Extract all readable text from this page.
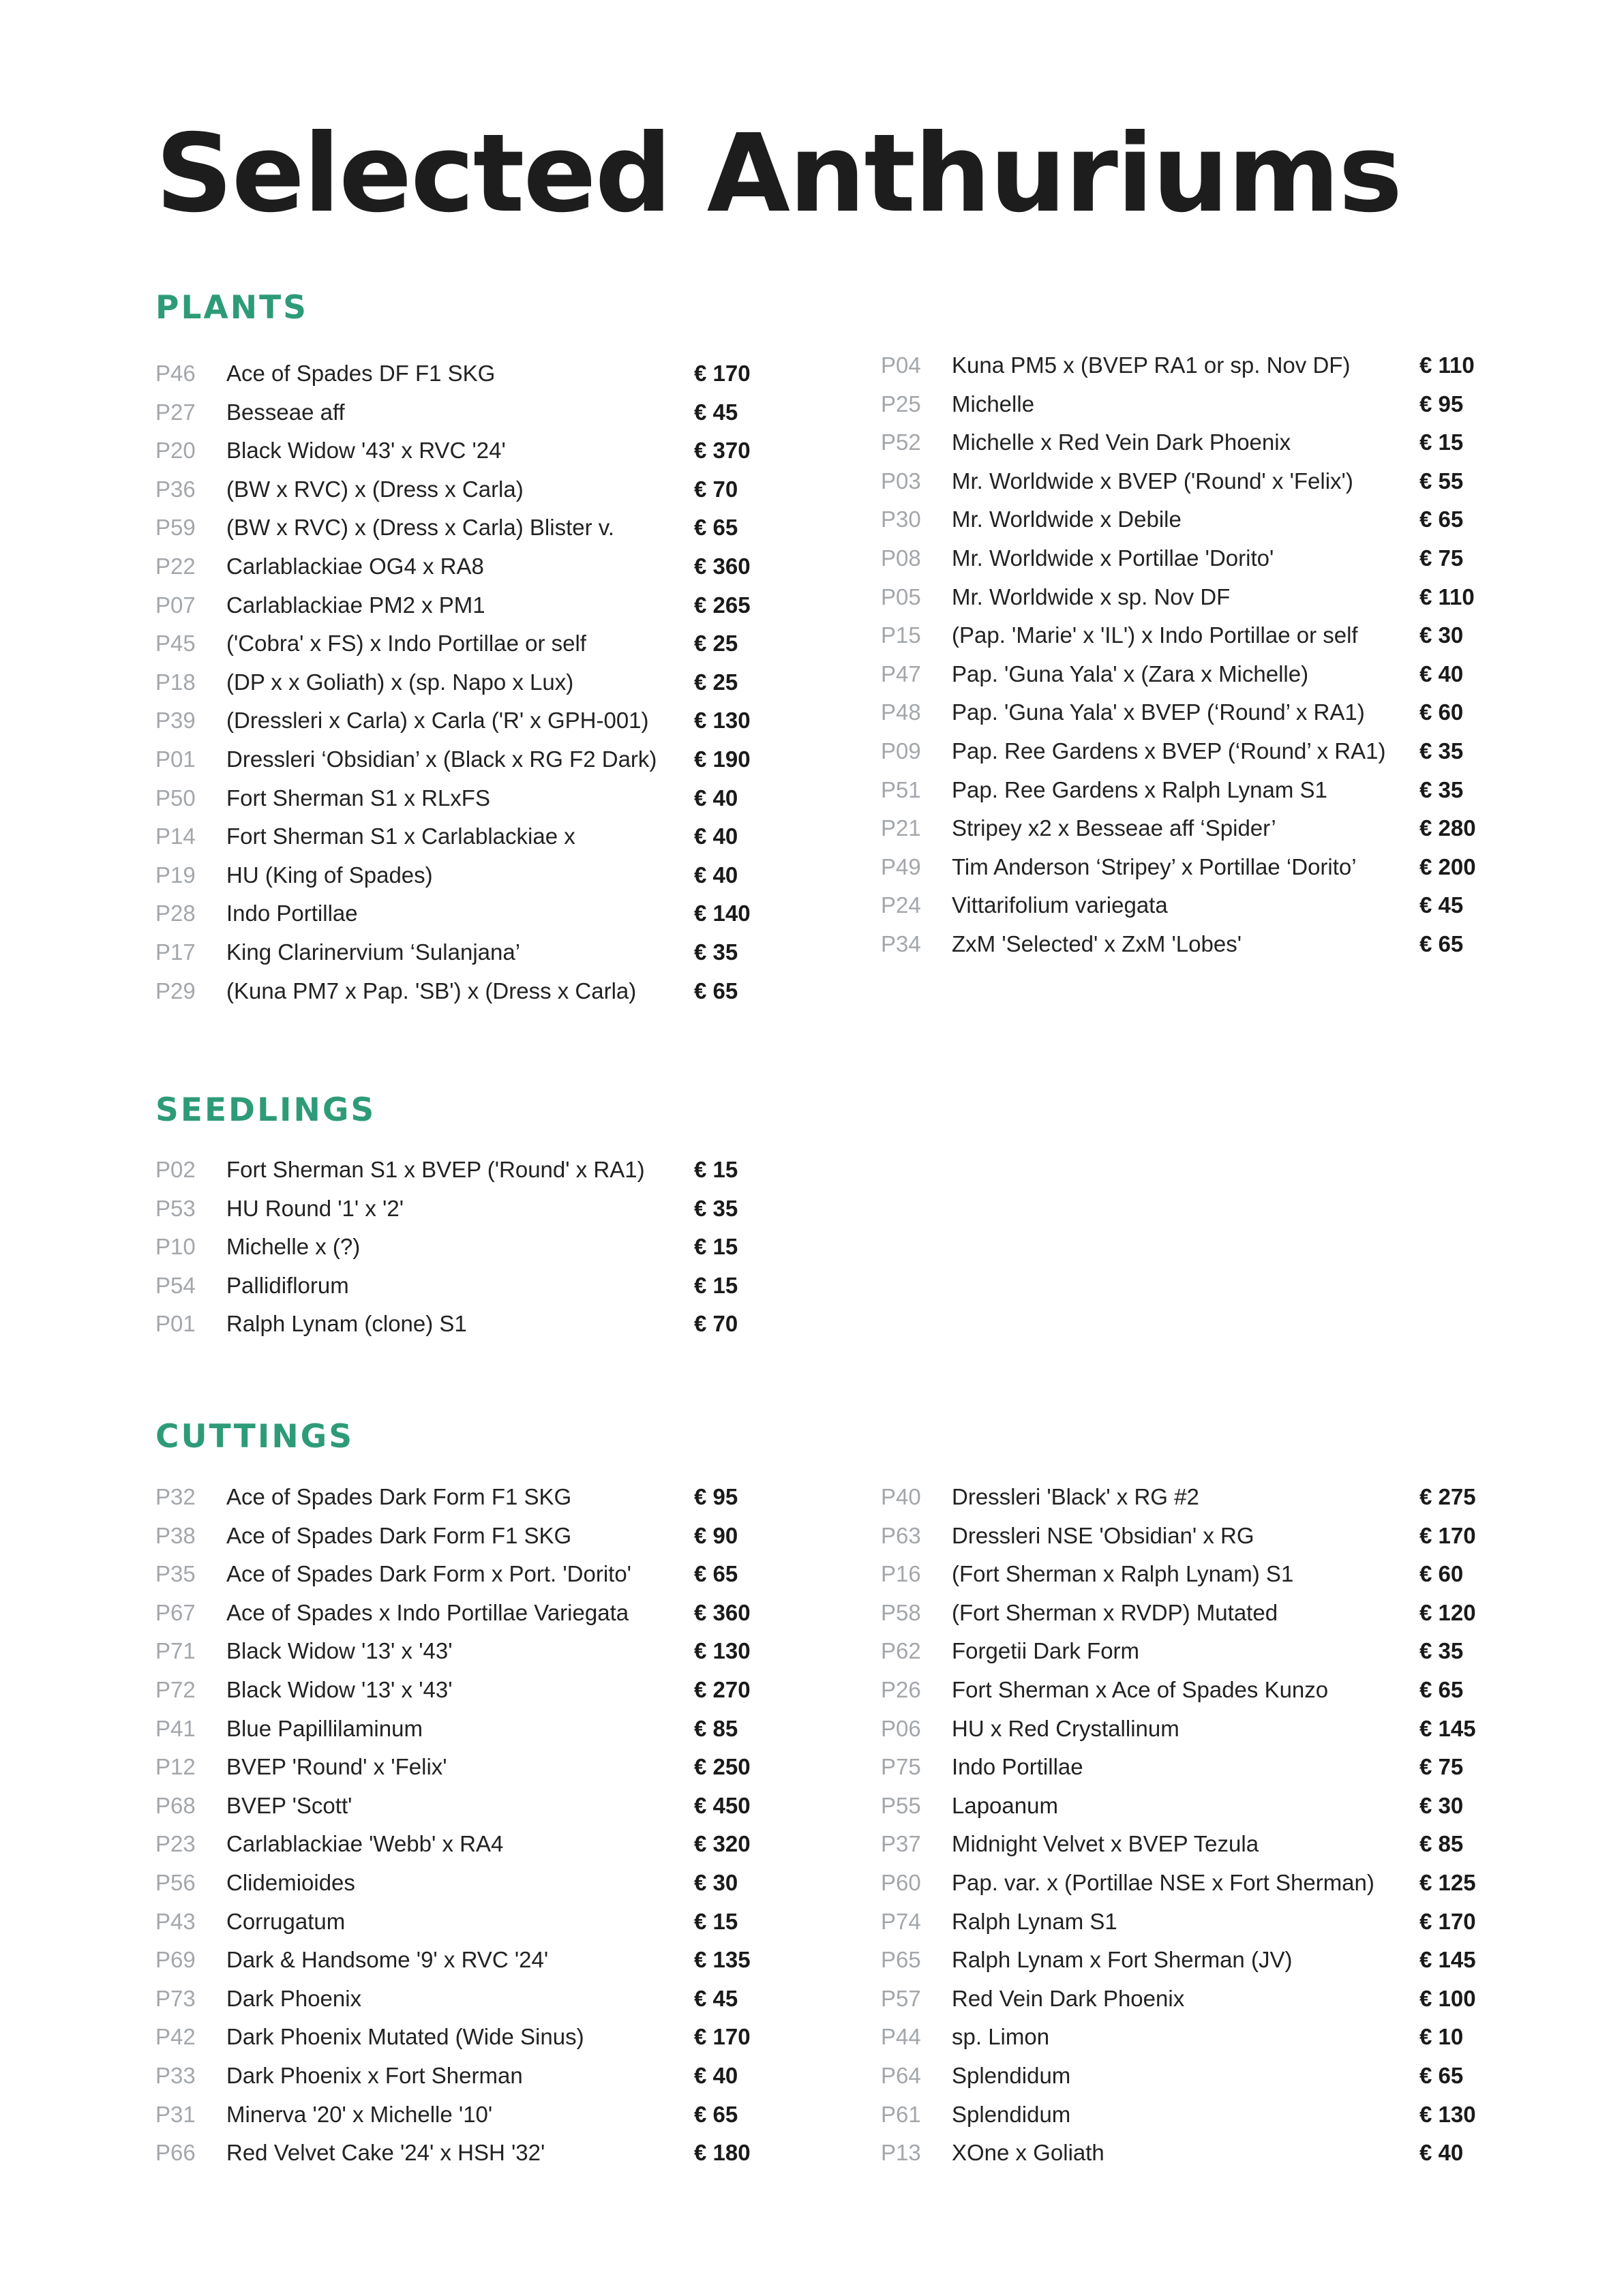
Selected Anthuriums
PLANTS
P46 Ace of Spades DF F1 SKG	€ 170
P27 Besseae aff	€ 45
P20 Black Widow '43' x RVC '24'	€ 370
P36 (BW x RVC) x (Dress x Carla)	€ 70
P59 (BW x RVC) x (Dress x Carla) Blister v.	€ 65
P22 Carlablackiae OG4 x RA8	€ 360
P07 Carlablackiae PM2 x PM1	€ 265
P45 ('Cobra' x FS) x Indo Portillae or self	€ 25
P18 (DP x x Goliath) x (sp. Napo x Lux)	€ 25
P39 (Dressleri x Carla) x Carla ('R' x GPH-001) € 130
P01 Dressleri ‘Obsidian’ x (Black x RG F2 Dark) € 190
P50 Fort Sherman S1 x RLxFS	€ 40
P14 Fort Sherman S1 x Carlablackiae x	€ 40
P19 HU (King of Spades)	€ 40
P28 Indo Portillae	€ 140
P17 King Clarinervium ‘Sulanjana’	€ 35
P29 (Kuna PM7 x Pap. 'SB') x (Dress x Carla)	€ 65
P04 Kuna PM5 x (BVEP RA1 or sp. Nov DF)	€ 110
P25 Michelle	€ 95
P52 Michelle x Red Vein Dark Phoenix	€ 15
P03 Mr. Worldwide x BVEP ('Round' x 'Felix')	€ 55
P30 Mr. Worldwide x Debile	€ 65
P08 Mr. Worldwide x Portillae 'Dorito'	€ 75
P05 Mr. Worldwide x sp. Nov DF	€ 110
P15 (Pap. 'Marie' x 'IL') x Indo Portillae or self	€ 30
P47 Pap. 'Guna Yala' x (Zara x Michelle)	€ 40
P48 Pap. 'Guna Yala' x BVEP (‘Round’ x RA1) € 60
P09 Pap. Ree Gardens x BVEP (‘Round’ x RA1) € 35
P51 Pap. Ree Gardens x Ralph Lynam S1	€ 35
P21 Stripey x2 x Besseae aff ‘Spider’	€ 280
P49 Tim Anderson ‘Stripey’ x Portillae ‘Dorito’	€ 200
P24 Vittarifolium variegata	€ 45
P34 ZxM 'Selected' x ZxM 'Lobes'	€ 65
SEEDLINGS
P02 Fort Sherman S1 x BVEP ('Round' x RA1) € 15
P53 HU Round '1' x '2'	€ 35
P10 Michelle x (?)	€ 15
P54 Pallidiflorum	€ 15
P01 Ralph Lynam (clone) S1	€ 70
CUTTINGS
P32 Ace of Spades Dark Form F1 SKG	€ 95
P38 Ace of Spades Dark Form F1 SKG	€ 90
P35 Ace of Spades Dark Form x Port. 'Dorito'	€ 65
P67 Ace of Spades x Indo Portillae Variegata	€ 360
P71 Black Widow '13' x '43'	€ 130
P72 Black Widow '13' x '43'	€ 270
P41 Blue Papillilaminum	€ 85
P12 BVEP 'Round' x 'Felix'	€ 250
P68 BVEP 'Scott'	€ 450
P23 Carlablackiae 'Webb' x RA4	€ 320
P56 Clidemioides	€ 30
P43 Corrugatum	€ 15
P69 Dark & Handsome '9' x RVC '24'	€ 135
P73 Dark Phoenix	€ 45
P42 Dark Phoenix Mutated (Wide Sinus)	€ 170
P33 Dark Phoenix x Fort Sherman	€ 40
P31 Minerva '20' x Michelle '10'	€ 65
P66 Red Velvet Cake '24' x HSH '32'	€ 180
P40 Dressleri 'Black' x RG #2	€ 275
P63 Dressleri NSE 'Obsidian' x RG	€ 170
P16 (Fort Sherman x Ralph Lynam) S1	€ 60
P58 (Fort Sherman x RVDP) Mutated	€ 120
P62 Forgetii Dark Form	€ 35
P26 Fort Sherman x Ace of Spades Kunzo	€ 65
P06 HU x Red Crystallinum	€ 145
P75 Indo Portillae	€ 75
P55 Lapoanum	€ 30
P37 Midnight Velvet x BVEP Tezula	€ 85
P60 Pap. var. x (Portillae NSE x Fort Sherman) € 125
P74 Ralph Lynam S1	€ 170
P65 Ralph Lynam x Fort Sherman (JV)	€ 145
P57 Red Vein Dark Phoenix	€ 100
P44 sp. Limon	€ 10
P64 Splendidum	€ 65
P61 Splendidum	€ 130
P13 XOne x Goliath	€ 40
